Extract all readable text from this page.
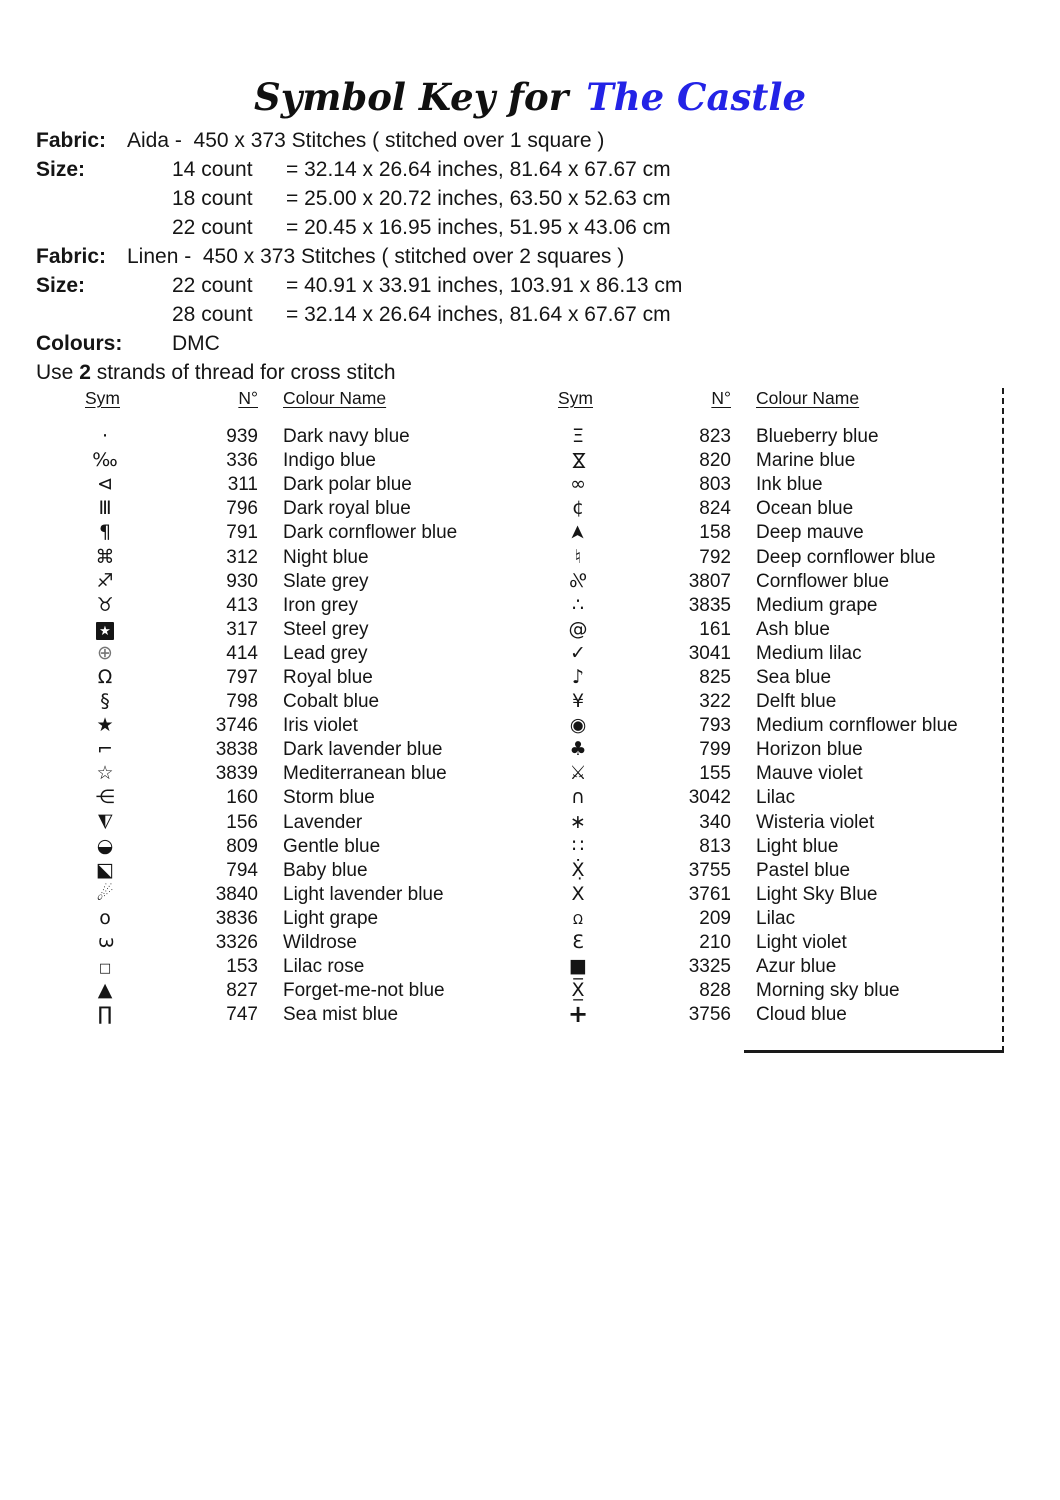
Symbol Key for The Castle
Fabric: Aida -  450 x 373 Stitches ( stitched over 1 square )
Size:	14 count	= 32.14 x 26.64 inches, 81.64 x 67.67 cm
18 count	= 25.00 x 20.72 inches, 63.50 x 52.63 cm
22 count	= 20.45 x 16.95 inches, 51.95 x 43.06 cm
Fabric: Linen -  450 x 373 Stitches ( stitched over 2 squares )
Size:	22 count	= 40.91 x 33.91 inches, 103.91 x 86.13 cm
28 count	= 32.14 x 26.64 inches, 81.64 x 67.67 cm
Colours: DMC
Use 2 strands of thread for cross stitch
Sym	N°	Colour Name
·	939	Dark navy blue
‰	336	Indigo blue
⊲	311	Dark polar blue
Ⅲ	796	Dark royal blue
¶	791	Dark cornflower blue
⌘	312	Night blue
♐	930	Slate grey
♉	413	Iron grey
★	317	Steel grey
⊕	414	Lead grey
Ω	797	Royal blue
§	798	Cobalt blue
★	3746	Iris violet
⌐	3838	Dark lavender blue
☆	3839	Mediterranean blue
⋲	160	Storm blue
◮	156	Lavender
◒	809	Gentle blue
◪	794	Baby blue
☄	3840	Light lavender blue
o	3836	Light grape
3	3326	Wildrose
□	153	Lilac rose
▲	827	Forget-me-not blue
∏	747	Sea mist blue
Sym	N°	Colour Name
Ξ	823	Blueberry blue
⋈	820	Marine blue
∞	803	Ink blue
¢	824	Ocean blue
➤	158	Deep mauve
♮	792	Deep cornflower blue
%	3807	Cornflower blue
∴	3835	Medium grape
@	161	Ash blue
✓	3041	Medium lilac
♪	825	Sea blue
¥	322	Delft blue
◉	793	Medium cornflower blue
♣	799	Horizon blue
⚔	155	Mauve violet
∩	3042	Lilac
∗	340	Wisteria violet
∷	813	Light blue
Ẋ̣	3755	Pastel blue
X	3761	Light Sky Blue
Ω	209	Lilac
Ɛ	210	Light violet
■	3325	Azur blue
X̲̅	828	Morning sky blue
+	3756	Cloud blue
